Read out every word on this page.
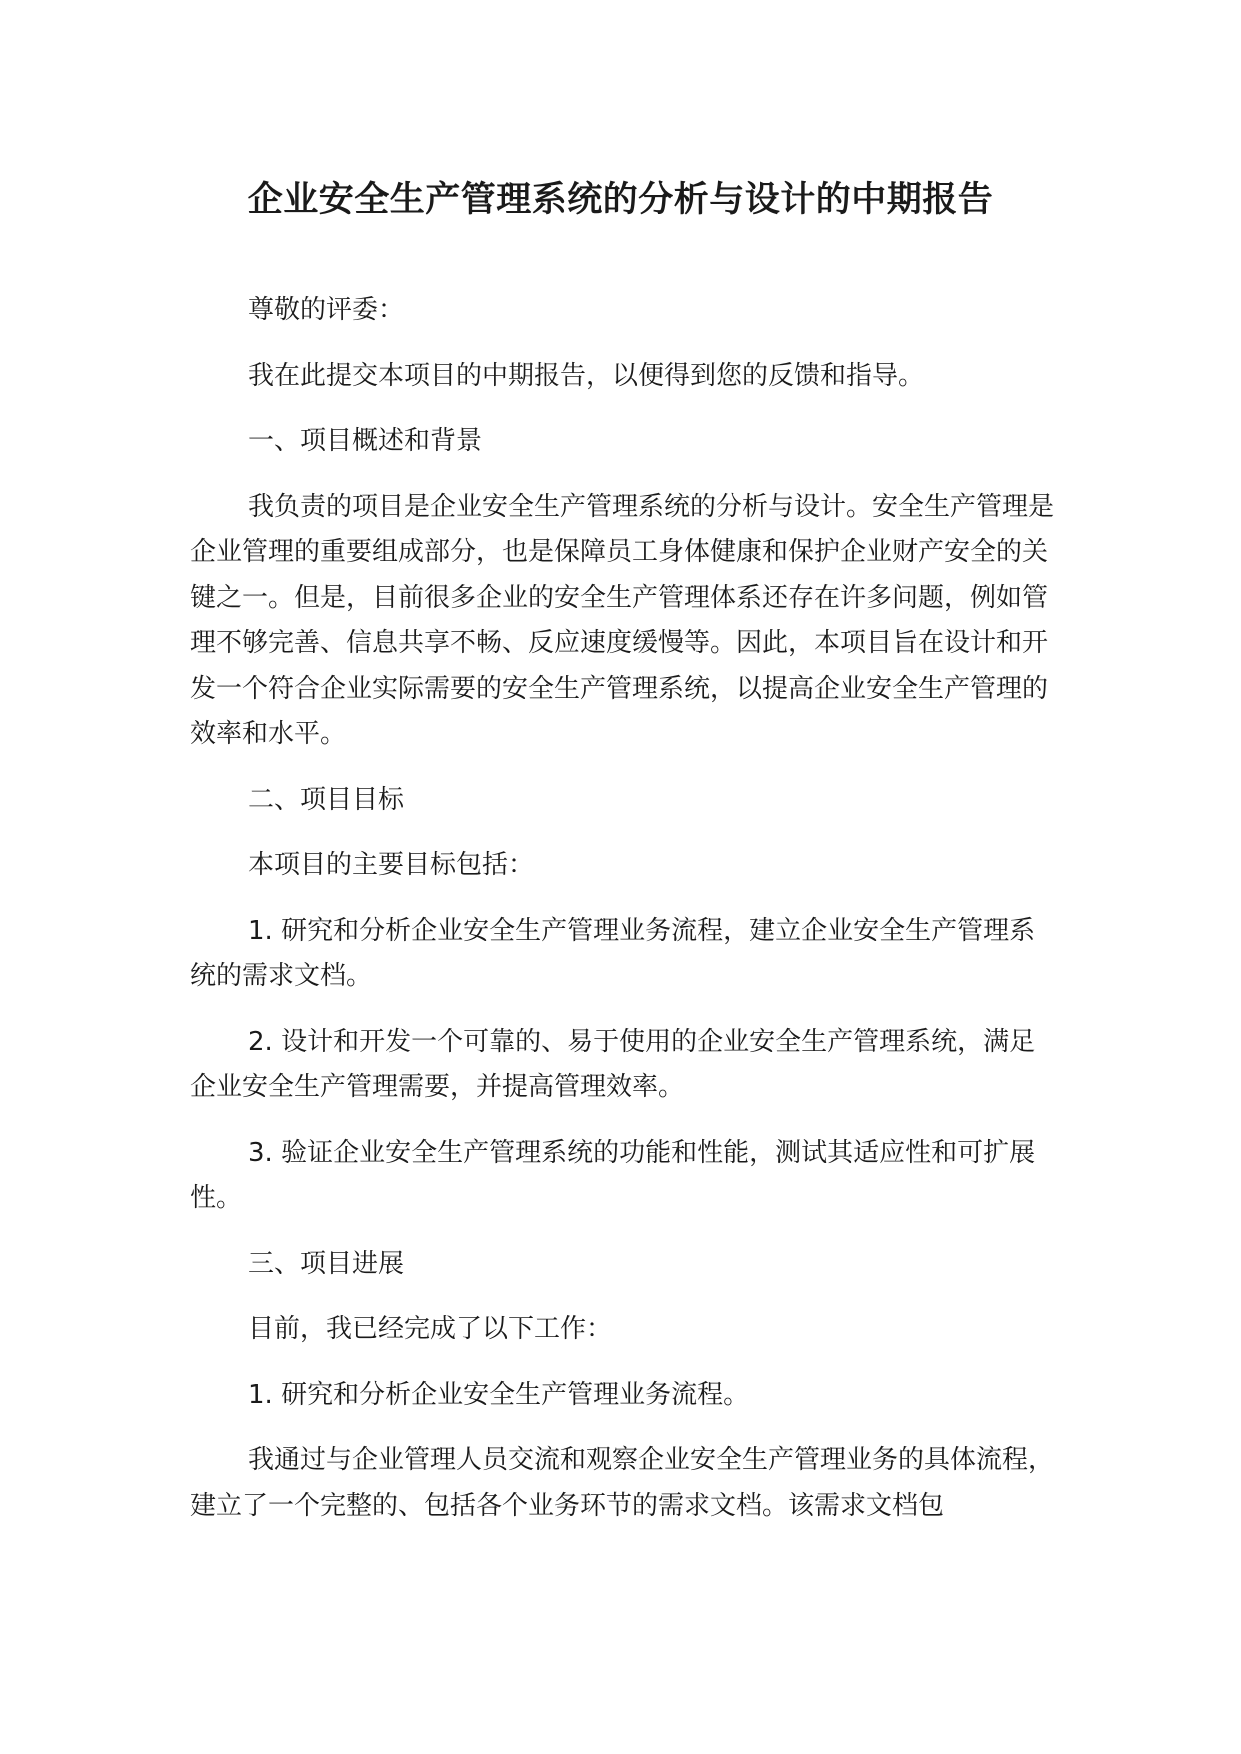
企业安全生产管理系统的分析与设计的中期报告

尊敬的评委：

我在此提交本项目的中期报告，以便得到您的反馈和指导。

一、项目概述和背景

我负责的项目是企业安全生产管理系统的分析与设计。安全生产管理是企业管理的重要组成部分，也是保障员工身体健康和保护企业财产安全的关键之一。但是，目前很多企业的安全生产管理体系还存在许多问题，例如管理不够完善、信息共享不畅、反应速度缓慢等。因此，本项目旨在设计和开发一个符合企业实际需要的安全生产管理系统，以提高企业安全生产管理的效率和水平。

二、项目目标

本项目的主要目标包括：

1. 研究和分析企业安全生产管理业务流程，建立企业安全生产管理系统的需求文档。

2. 设计和开发一个可靠的、易于使用的企业安全生产管理系统，满足企业安全生产管理需要，并提高管理效率。

3. 验证企业安全生产管理系统的功能和性能，测试其适应性和可扩展性。

三、项目进展

目前，我已经完成了以下工作：

1. 研究和分析企业安全生产管理业务流程。

我通过与企业管理人员交流和观察企业安全生产管理业务的具体流程，建立了一个完整的、包括各个业务环节的需求文档。该需求文档包
